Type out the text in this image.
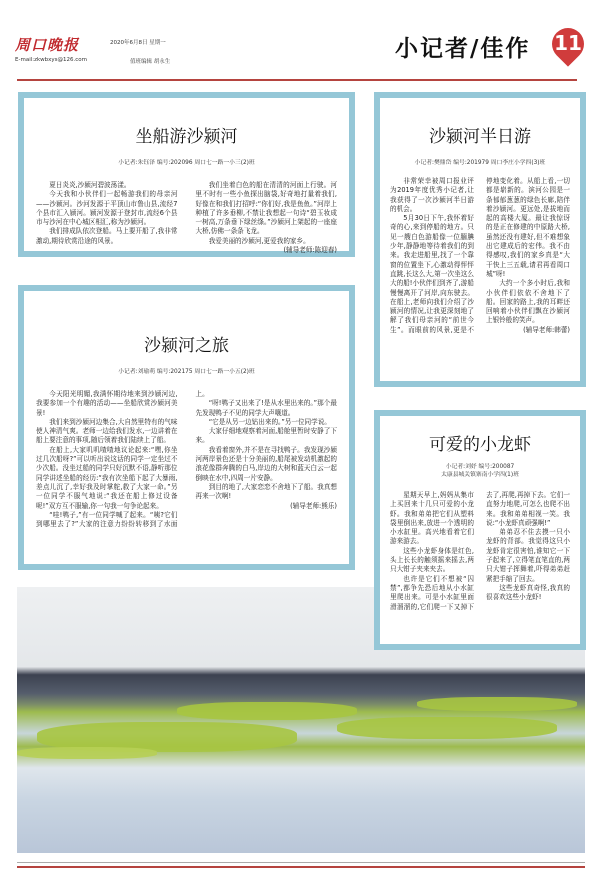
周口晚报
E-mail:zkwbxys@126.com
2020年6月8日 星期一
值班编辑 胡永生	小记者/佳作 11
坐船游沙颍河
小记者:朱钰泽 编号:202096 周口七一路一小三(2)班

夏日炎炎,沙颍河碧波荡漾。

今天我和小伙伴们一起畅游我们的母亲河——沙颍河。沙河发源于平顶山市鲁山县,流经7个县市汇入颍河。颍河发源于登封市,流经6个县市与沙河在中心城区相汇,称为沙颍河。

我们排成队依次登船。马上要开船了,我非常激动,期待欣赏沿途的风景。

我们坐着白色的船在清清的河面上行驶。河里不时有一些小鱼探出脑袋,好奇地打量着我们,好像在和我们打招呼:“你们好,我是鱼鱼。”河岸上种植了许多垂柳,不禁让我想起一句诗“碧玉妆成一树高,万条垂下绿丝绦。”沙颍河上架起的一座座大桥,仿佛一条条飞龙。

我爱美丽的沙颍河,更爱我的家乡。

(辅导老师:陈迎春)

沙颍河半日游
小记者:樊鼎岱 编号:201979 周口李庄小学四(3)班

非常荣幸被周口报业评为2019年度优秀小记者,让我获得了一次沙颍河半日游的机会。

5月30日下午,我怀着好奇的心,来到停船的地方。只见一艘白色游船像一位腼腆少年,静静地等待着我们的到来。我走进船里,找了一个靠窗的位置坐下,心激动得怦怦直跳,长这么大,第一次坐这么大的船!小伙伴们到齐了,游船慢慢离开了河岸,向东驶去。在船上,老师向我们介绍了沙颍河的情况,让我更深刻地了解了我们母亲河的“前世今生”。而眼前的风景,更是不停地变化着。从船上看,一切都是崭新的。滨河公园是一条郁郁葱葱的绿色长廊,陪伴着沙颍河。更远处,是拔地而起的高楼大厦。最让我惊讶的是正在修建的中原路大桥,虽然还没有建好,但不难想象出它建成后的宏伟。我不由得感叹,我们的家乡真是“大干快上三五载,请君再看周口城”呀!

大约一个多小时后,我和小伙伴们依依不舍地下了船。回家的路上,我的耳畔还回响着小伙伴们飘在沙颍河上银铃般的笑声。

(辅导老师:韩蕾)

沙颍河之旅
小记者:刘瑜萌 编号:202175 周口七一路一小五(2)班

今天阳光明媚,我满怀期待地来到沙颍河边,我要参加一个有趣的活动——坐船欣赏沙颍河美景!

我们来到沙颍河边集合,大自然里特有的气味使人神清气爽。老师一边给我们发水,一边讲着在船上要注意的事项,随后领着我们陆续上了船。

在船上,大家叽叽喳喳地议论起来:“嘿,你坐过几次船呀?”可以听出说这话的同学一定坐过不少次船。没坐过船的同学只好沉默不语,静听那位同学讲述坐船的经历:“我有次坐船下起了大暴雨,差点儿沉了,幸好我及时掌舵,救了大家一命。”另一位同学不服气地说:“我还在船上修过设备呢!”双方互不服输,你一句我一句争论起来。

“哇!鸭子,”有一位同学喊了起来。“咦?它们到哪里去了?”大家的注意力纷纷转移到了水面上。

“呀!鸭子又出来了!是从水里出来的。”那个最先发现鸭子不见的同学大声嚷道。

“它是从另一边钻出来的。”另一位同学说。

大家仔细地观察着河面,船舱里暂时安静了下来。

我看着窗外,并不是在寻找鸭子。我发现沙颍河两岸景色还是十分美丽的,船尾被发动机激起的浪花像群奔腾的白马,岸边的大树和蓝天白云一起倒映在水中,四周一片安静。

到目的地了,大家恋恋不舍地下了船。我真想再来一次啊!

(辅导老师:熊乐)

可爱的小龙虾
小记者:刘妤 编号:200087
太康县城关镇寨南小学四(1)班

星期天早上,妈妈从集市上买回来十几只可爱的小龙虾。我和弟弟把它们从塑料袋里倒出来,放进一个透明的小水缸里。高兴地看着它们游来游去。

这些小龙虾身体是红色,头上长长的触须摇来摇去,两只大钳子夹来夹去。

也许是它们不想被“囚禁”,都争先恐后地从小水缸里爬出来。可是小水缸里面滑溜溜的,它们爬一下又掉下去了,再爬,再掉下去。它们一直努力地爬,可怎么也爬不出来。我和弟弟相视一笑。我说:“小龙虾真顽强啊!”

弟弟忍不住去摸一只小龙虾的背部。我觉得这只小龙虾肯定很害怕,谁知它一下子起来了,立得笔直笔直的,两只大钳子挥舞着,吓得弟弟赶紧把手缩了回去。

这些龙虾真奇怪,我真的很喜欢这些小龙虾!
